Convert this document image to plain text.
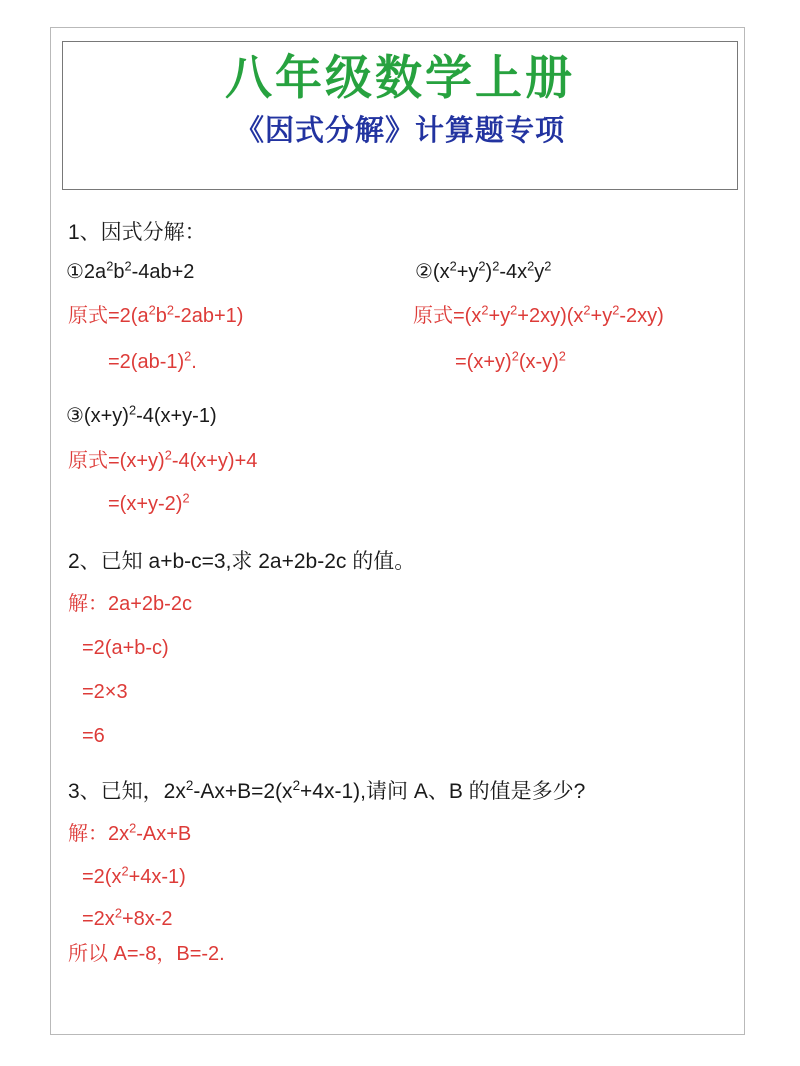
八年级数学上册
《因式分解》计算题专项
1、因式分解：
$①2a^2b^2-4ab+2$
原式$=2(a^2b^2-2ab+1)$
$=2(ab-1)^2$.
$②(x^2+y^2)^2-4x^2y^2$
原式$=(x^2+y^2+2xy)(x^2+y^2-2xy)$
$=(x+y)^2(x-y)^2$
$③(x+y)^2-4(x+y-1)$
原式$=(x+y)^2-4(x+y)+4$
$=(x+y-2)^2$
2、已知 a+b-c=3,求 2a+2b-2c 的值。
解：2a+2b-2c
=2(a+b-c)
=2×3
=6
3、已知，$2x^2-Ax+B=2(x^2+4x-1)$,请问 A、B 的值是多少?
解：$2x^2-Ax+B$
$=2(x^2+4x-1)$
$=2x^2+8x-2$
所以 A=-8，B=-2.
